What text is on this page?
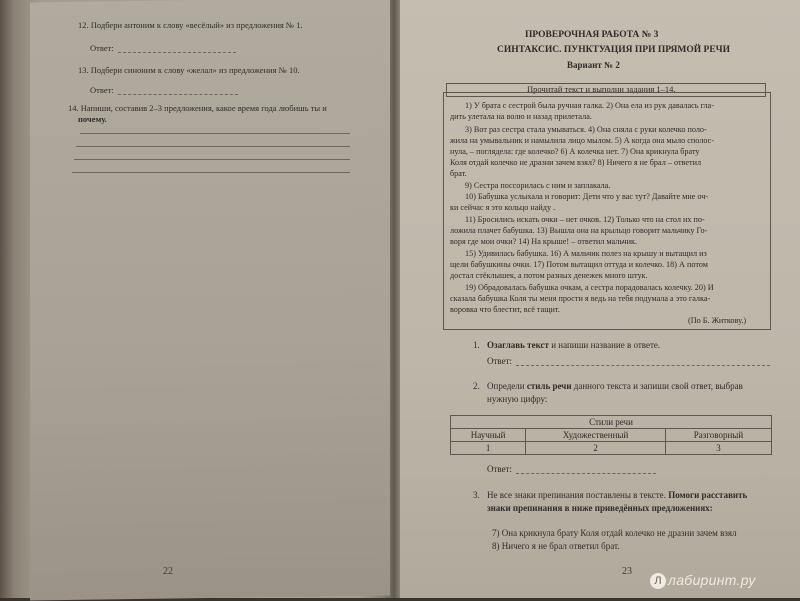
12. Подбери антоним к слову «весёлый» из предложения № 1.
Ответ:
13. Подбери синоним к слову «желал» из предложения № 10.
Ответ:
14. Напиши, составив 2–3 предложения, какое время года любишь ты и
почему.
22
ПРОВЕРОЧНАЯ РАБОТА № 3
СИНТАКСИС. ПУНКТУАЦИЯ ПРИ ПРЯМОЙ РЕЧИ
Вариант № 2
Прочитай текст и выполни задания 1–14.
1) У брата с сестрой была ручная галка. 2) Она ела из рук давалась гла-
дить улетала на волю и назад прилетала.
3) Вот раз сестра стала умываться. 4) Она сняла с руки колечко поло-
жила на умывальник и намылила лицо мылом. 5) А когда она мыло сполос-
нула, – поглядела: где колечко? 6) А колечка нет. 7) Она крикнула брату
Коля отдай колечко не дразни зачем взял? 8) Ничего я не брал – ответил
брат.
9) Сестра поссорилась с ним и заплакала.
10) Бабушка услыхала и говорит: Дети что у вас тут? Давайте мне оч-
ки сейчас я это кольцо найду .
11) Бросились искать очки – нет очков. 12) Только что на стол их по-
ложила плачет бабушка. 13) Вышла она на крыльцо говорит мальчику Го-
воря где мои очки? 14) На крыше! – ответил мальчик.
15) Удивилась бабушка. 16) А мальчик полез на крышу и вытащил из
щели бабушкины очки. 17) Потом вытащил оттуда и колечко. 18) А потом
достал стёклышек, а потом разных денежек много штук.
19) Обрадовалась бабушка очкам, а сестра порадовалась колечку. 20) И
сказала бабушка Коля ты меня прости я ведь на тебя подумала а это галка-
воровка что блестит, всё тащит.
(По Б. Житкову.)
1. Озаглавь текст и напиши название в ответе.
Ответ:
2. Определи стиль речи данного текста и запиши свой ответ, выбрав
нужную цифру:
Стили речи		
Научный	Художественный	Разговорный
1	2	3
Ответ:
3. Не все знаки препинания поставлены в тексте. Помоги расставить
знаки препинания в ниже приведённых предложениях:
7) Она крикнула брату Коля отдай колечко не дразни зачем взял
8) Ничего я не брал ответил брат.
23
Л лабиринт.ру
